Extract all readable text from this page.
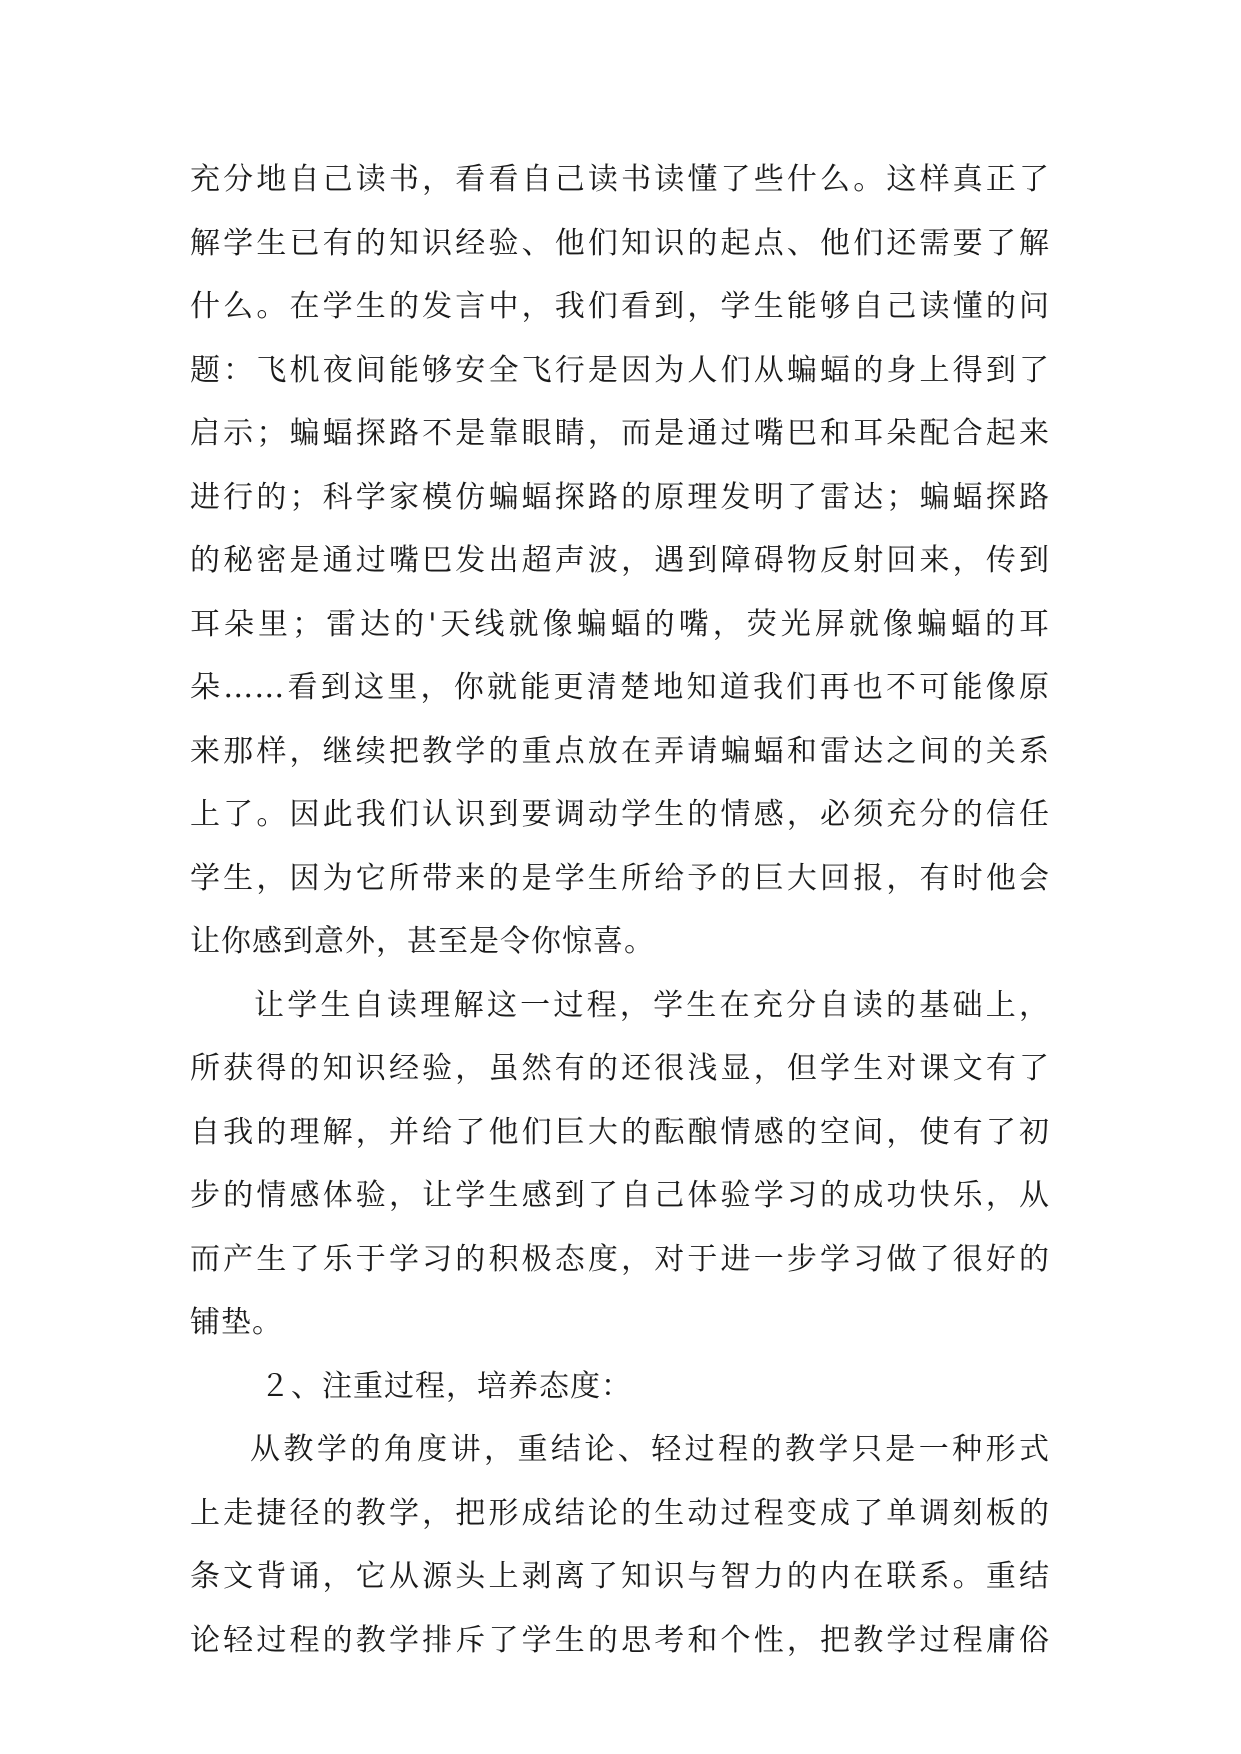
充分地自己读书，看看自己读书读懂了些什么。这样真正了
解学生已有的知识经验、他们知识的起点、他们还需要了解
什么。在学生的发言中，我们看到，学生能够自己读懂的问
题：飞机夜间能够安全飞行是因为人们从蝙蝠的身上得到了
启示；蝙蝠探路不是靠眼睛，而是通过嘴巴和耳朵配合起来
进行的；科学家模仿蝙蝠探路的原理发明了雷达；蝙蝠探路
的秘密是通过嘴巴发出超声波，遇到障碍物反射回来，传到
耳朵里；雷达的'天线就像蝙蝠的嘴，荧光屏就像蝙蝠的耳
朵……看到这里，你就能更清楚地知道我们再也不可能像原
来那样，继续把教学的重点放在弄请蝙蝠和雷达之间的关系
上了。因此我们认识到要调动学生的情感，必须充分的信任
学生，因为它所带来的是学生所给予的巨大回报，有时他会
让你感到意外，甚至是令你惊喜。
让学生自读理解这一过程，学生在充分自读的基础上，
所获得的知识经验，虽然有的还很浅显，但学生对课文有了
自我的理解，并给了他们巨大的酝酿情感的空间，使有了初
步的情感体验，让学生感到了自己体验学习的成功快乐，从
而产生了乐于学习的积极态度，对于进一步学习做了很好的
铺垫。
２、注重过程，培养态度：
从教学的角度讲，重结论、轻过程的教学只是一种形式
上走捷径的教学，把形成结论的生动过程变成了单调刻板的
条文背诵，它从源头上剥离了知识与智力的内在联系。重结
论轻过程的教学排斥了学生的思考和个性，把教学过程庸俗
